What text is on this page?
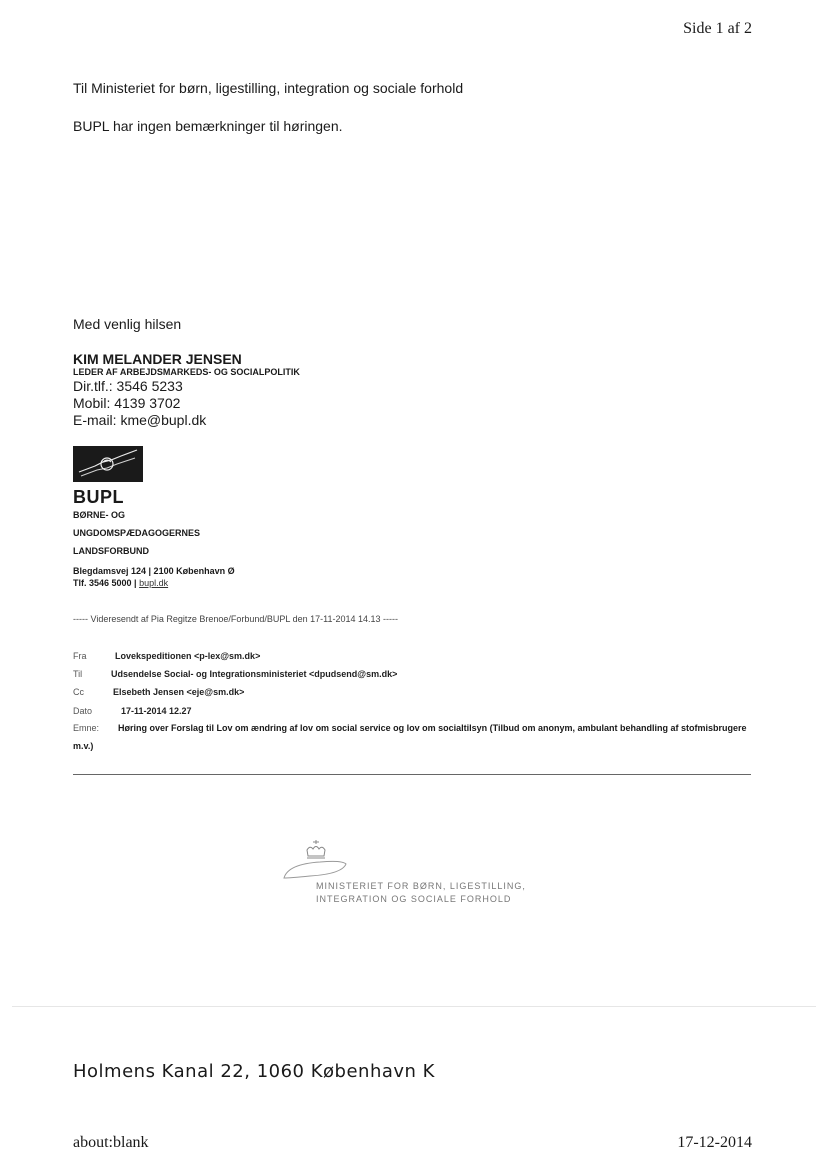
Side 1 af 2
Til Ministeriet for børn, ligestilling, integration og sociale forhold
BUPL har ingen bemærkninger til høringen.
Med venlig hilsen
KIM MELANDER JENSEN
LEDER AF ARBEJDSMARKEDS- OG SOCIALPOLITIK
Dir.tlf.: 3546 5233
Mobil: 4139 3702
E-mail: kme@bupl.dk
BUPL
BØRNE- OG
UNGDOMSPÆDAGOGERNES
LANDSFORBUND
Blegdamsvej 124 | 2100 København Ø
Tlf. 3546 5000 | bupl.dk
----- Videresendt af Pia Regitze Brenoe/Forbund/BUPL den 17-11-2014 14.13 -----
Fra	Lovekspeditionen <p-lex@sm.dk>
Til	Udsendelse Social- og Integrationsministeriet <dpudsend@sm.dk>
Cc	Elsebeth Jensen <eje@sm.dk>
Dato	17-11-2014 12.27
Emne: Høring over Forslag til Lov om ændring af lov om social service og lov om socialtilsyn (Tilbud om anonym, ambulant behandling af stofmisbrugere m.v.)
MINISTERIET FOR BØRN, LIGESTILLING,
INTEGRATION OG SOCIALE FORHOLD
Holmens Kanal 22, 1060 København K
about:blank	17-12-2014
